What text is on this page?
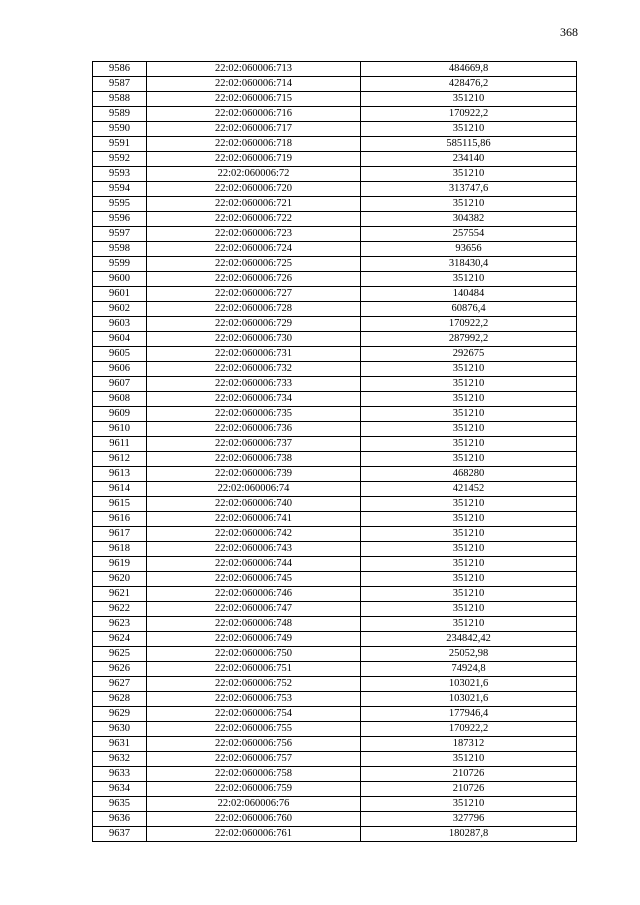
368
9586	22:02:060006:713	484669,8
9587	22:02:060006:714	428476,2
9588	22:02:060006:715	351210
9589	22:02:060006:716	170922,2
9590	22:02:060006:717	351210
9591	22:02:060006:718	585115,86
9592	22:02:060006:719	234140
9593	22:02:060006:72	351210
9594	22:02:060006:720	313747,6
9595	22:02:060006:721	351210
9596	22:02:060006:722	304382
9597	22:02:060006:723	257554
9598	22:02:060006:724	93656
9599	22:02:060006:725	318430,4
9600	22:02:060006:726	351210
9601	22:02:060006:727	140484
9602	22:02:060006:728	60876,4
9603	22:02:060006:729	170922,2
9604	22:02:060006:730	287992,2
9605	22:02:060006:731	292675
9606	22:02:060006:732	351210
9607	22:02:060006:733	351210
9608	22:02:060006:734	351210
9609	22:02:060006:735	351210
9610	22:02:060006:736	351210
9611	22:02:060006:737	351210
9612	22:02:060006:738	351210
9613	22:02:060006:739	468280
9614	22:02:060006:74	421452
9615	22:02:060006:740	351210
9616	22:02:060006:741	351210
9617	22:02:060006:742	351210
9618	22:02:060006:743	351210
9619	22:02:060006:744	351210
9620	22:02:060006:745	351210
9621	22:02:060006:746	351210
9622	22:02:060006:747	351210
9623	22:02:060006:748	351210
9624	22:02:060006:749	234842,42
9625	22:02:060006:750	25052,98
9626	22:02:060006:751	74924,8
9627	22:02:060006:752	103021,6
9628	22:02:060006:753	103021,6
9629	22:02:060006:754	177946,4
9630	22:02:060006:755	170922,2
9631	22:02:060006:756	187312
9632	22:02:060006:757	351210
9633	22:02:060006:758	210726
9634	22:02:060006:759	210726
9635	22:02:060006:76	351210
9636	22:02:060006:760	327796
9637	22:02:060006:761	180287,8
